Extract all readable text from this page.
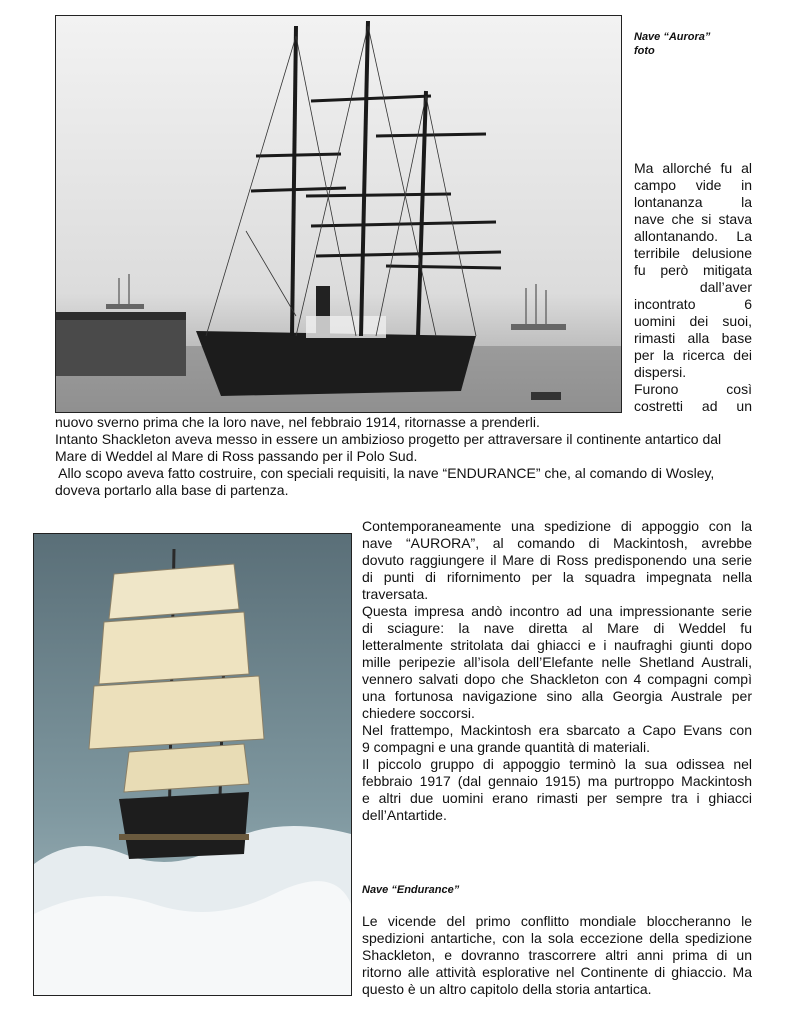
Nave “Aurora”
foto

Ma allorché fu al

campo vide in

lontananza la

nave che si stava

allontanando. La

terribile delusione

fu però mitigata

dall’aver

incontrato 6

uomini dei suoi,

rimasti alla base

per la ricerca dei

dispersi.

Furono così

costretti ad un

nuovo sverno prima che la loro nave, nel febbraio 1914, ritornasse a prenderli.
Intanto Shackleton aveva messo in essere un ambizioso progetto per attraversare il continente antartico dal
Mare di Weddel al Mare di Ross passando per il Polo Sud.
Allo scopo aveva fatto costruire, con speciali requisiti, la nave “ENDURANCE” che, al comando di Wosley,
doveva portarlo alla base di partenza.
Contemporaneamente una spedizione di appoggio con la
nave “AURORA”, al comando di Mackintosh, avrebbe
dovuto raggiungere il Mare di Ross predisponendo una serie
di punti di rifornimento per la squadra impegnata nella
traversata.
Questa impresa andò incontro ad una impressionante serie
di sciagure: la nave diretta al Mare di Weddel fu
letteralmente stritolata dai ghiacci e i naufraghi giunti dopo
mille peripezie all’isola dell’Elefante nelle Shetland Australi,
vennero salvati dopo che Shackleton con 4 compagni compì
una fortunosa navigazione sino alla Georgia Australe per
chiedere soccorsi.
Nel frattempo, Mackintosh era sbarcato a Capo Evans con
9 compagni e una grande quantità di materiali.
Il piccolo gruppo di appoggio terminò la sua odissea nel
febbraio 1917 (dal gennaio 1915) ma purtroppo Mackintosh
e altri due uomini erano rimasti per sempre tra i ghiacci
dell’Antartide.
Nave “Endurance”
Le vicende del primo conflitto mondiale bloccheranno le
spedizioni antartiche, con la sola eccezione della spedizione
Shackleton, e dovranno trascorrere altri anni prima di un
ritorno alle attività esplorative nel Continente di ghiaccio. Ma
questo è un altro capitolo della storia antartica.
